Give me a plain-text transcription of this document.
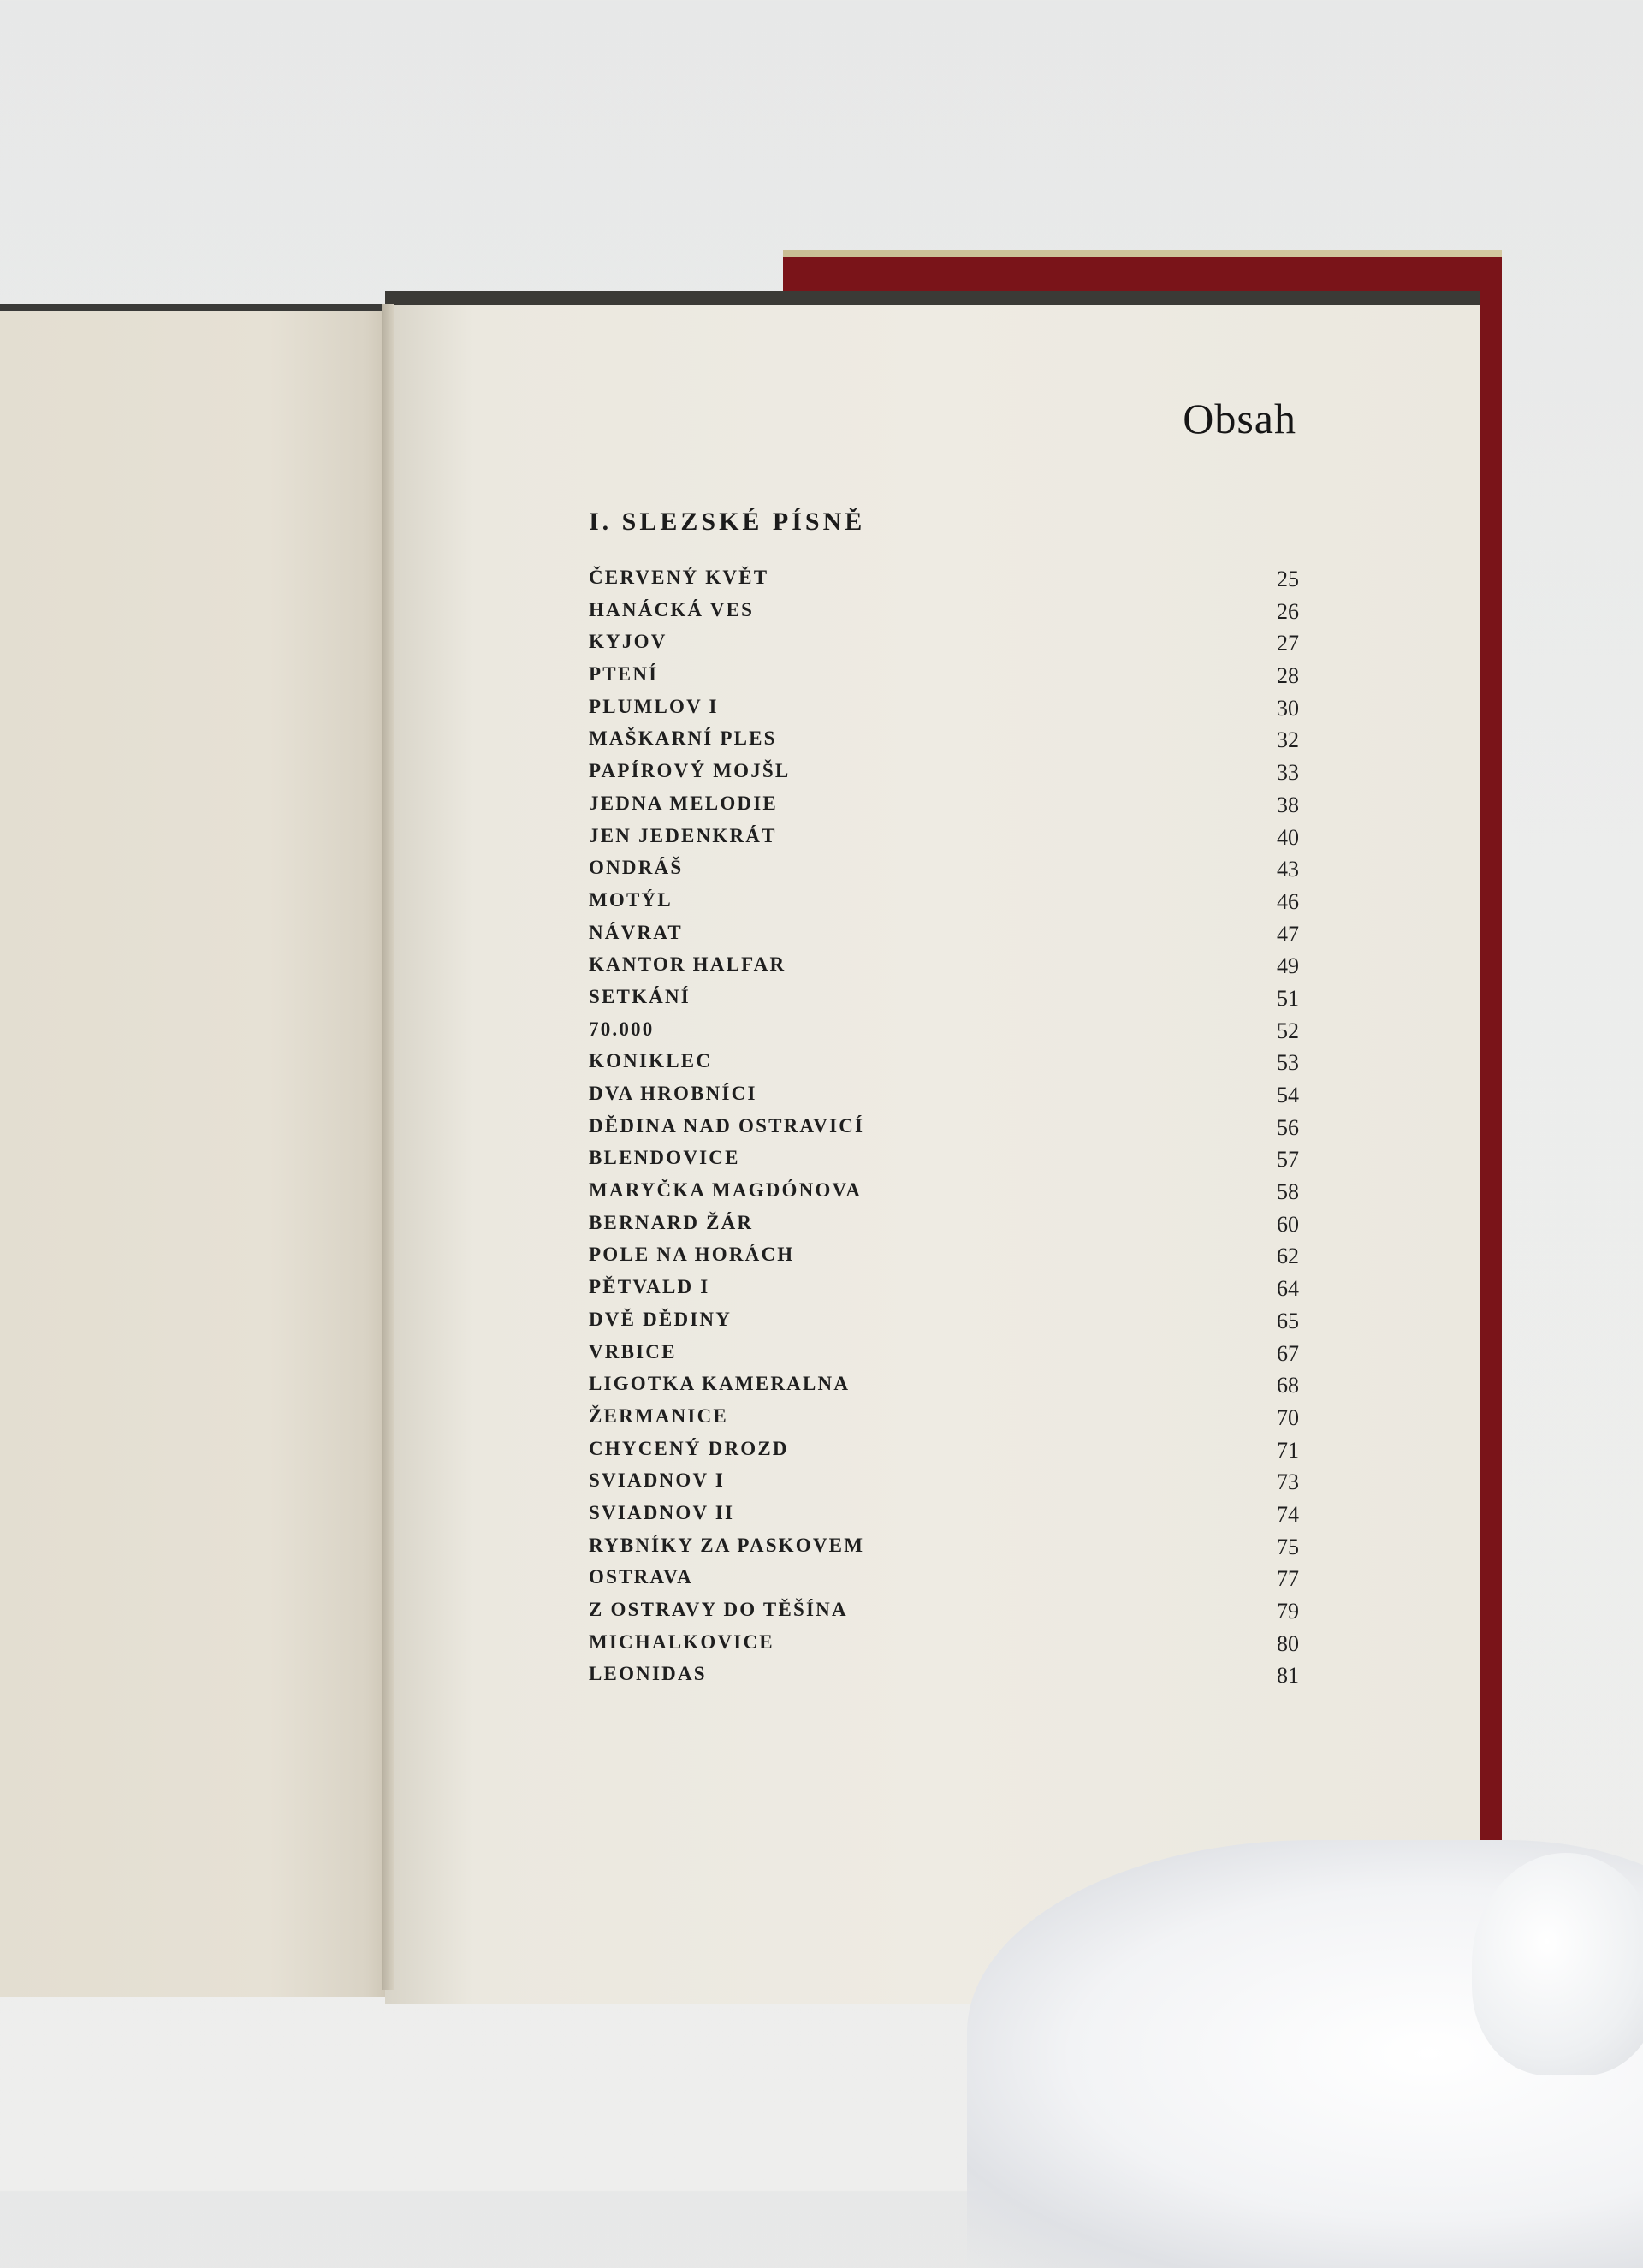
Obsah
I. SLEZSKÉ PÍSNĚ
ČERVENÝ KVĚT	25
HANÁCKÁ VES	26
KYJOV	27
PTENÍ	28
PLUMLOV I	30
MAŠKARNÍ PLES	32
PAPÍROVÝ MOJŠL	33
JEDNA MELODIE	38
JEN JEDENKRÁT	40
ONDRÁŠ	43
MOTÝL	46
NÁVRAT	47
KANTOR HALFAR	49
SETKÁNÍ	51
70.000	52
KONIKLEC	53
DVA HROBNÍCI	54
DĚDINA NAD OSTRAVICÍ	56
BLENDOVICE	57
MARYČKA MAGDÓNOVA	58
BERNARD ŽÁR	60
POLE NA HORÁCH	62
PĚTVALD I	64
DVĚ DĚDINY	65
VRBICE	67
LIGOTKA KAMERALNA	68
ŽERMANICE	70
CHYCENÝ DROZD	71
SVIADNOV I	73
SVIADNOV II	74
RYBNÍKY ZA PASKOVEM	75
OSTRAVA	77
Z OSTRAVY DO TĚŠÍNA	79
MICHALKOVICE	80
LEONIDAS	81
